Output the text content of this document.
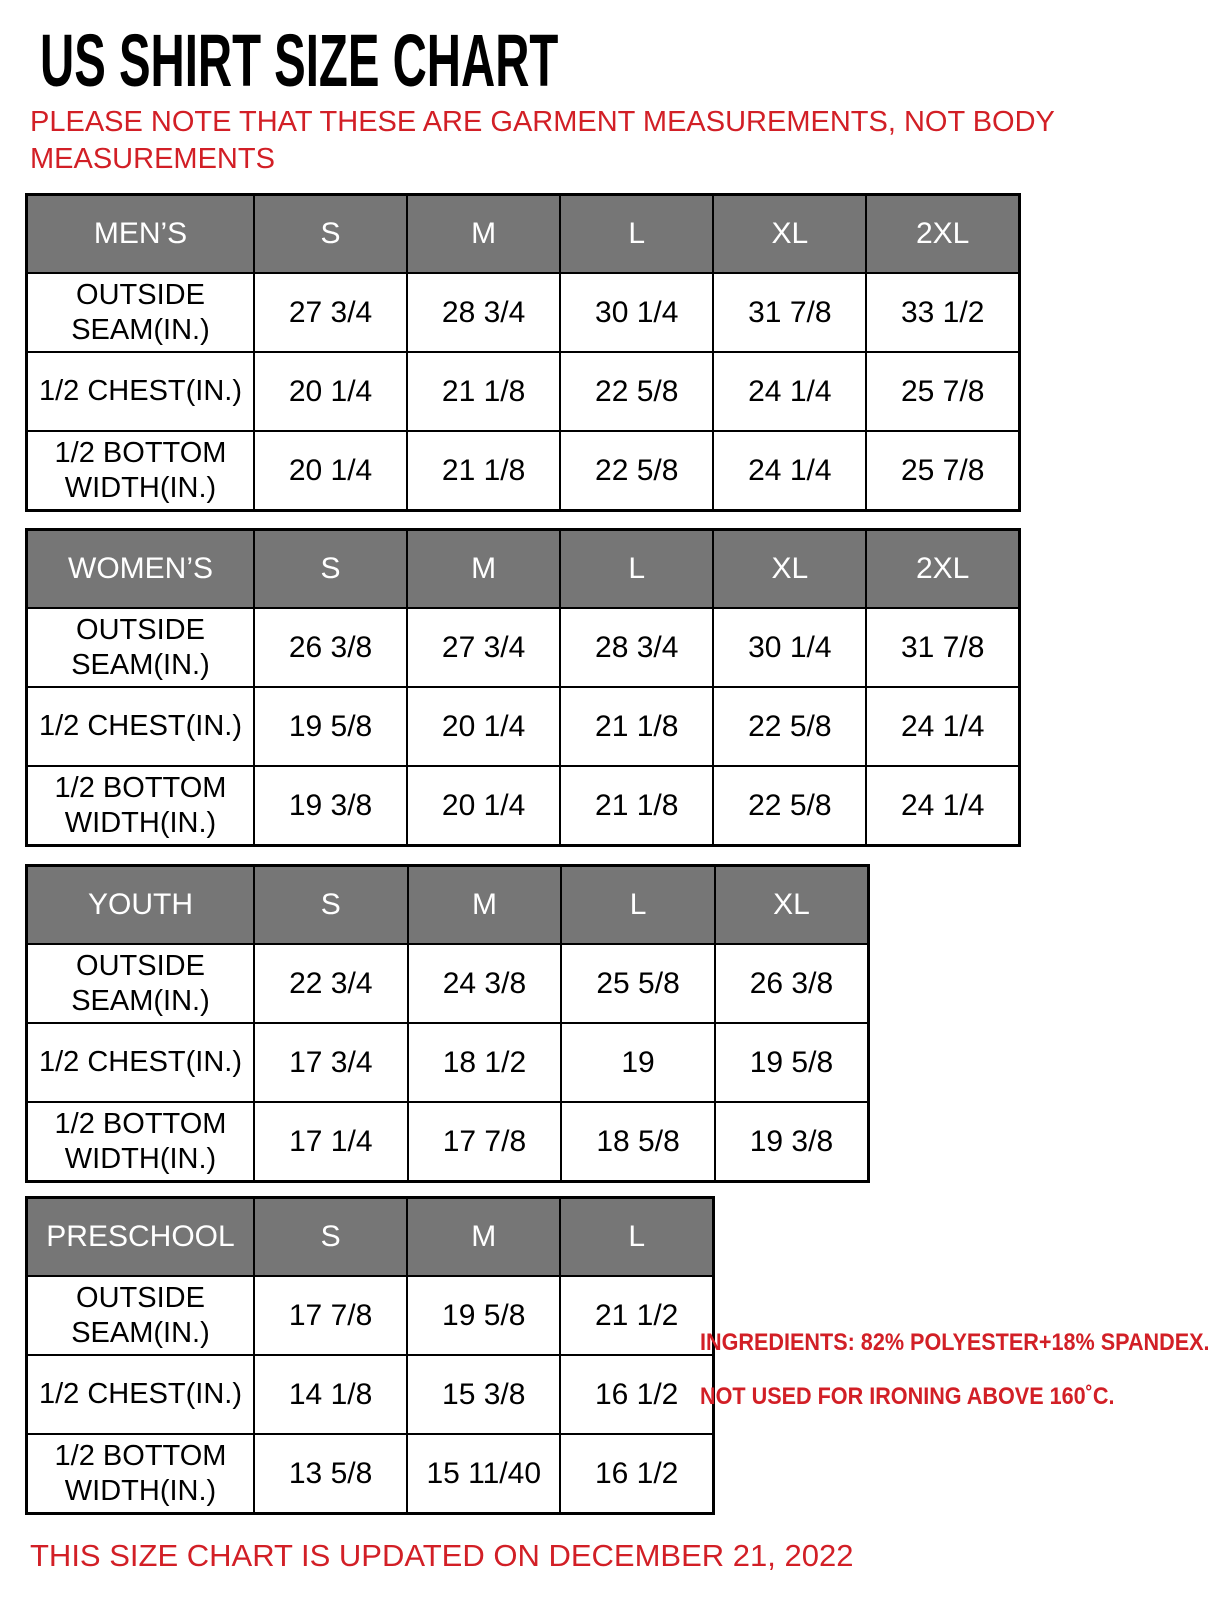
US SHIRT SIZE CHART

PLEASE NOTE THAT THESE ARE GARMENT MEASUREMENTS, NOT BODY MEASUREMENTS

MEN’S	S	M	L	XL	2XL
OUTSIDE SEAM(IN.)	27 3/4	28 3/4	30 1/4	31 7/8	33 1/2
1/2 CHEST(IN.)	20 1/4	21 1/8	22 5/8	24 1/4	25 7/8
1/2 BOTTOM WIDTH(IN.)	20 1/4	21 1/8	22 5/8	24 1/4	25 7/8
WOMEN’S	S	M	L	XL	2XL
OUTSIDE SEAM(IN.)	26 3/8	27 3/4	28 3/4	30 1/4	31 7/8
1/2 CHEST(IN.)	19 5/8	20 1/4	21 1/8	22 5/8	24 1/4
1/2 BOTTOM WIDTH(IN.)	19 3/8	20 1/4	21 1/8	22 5/8	24 1/4
YOUTH	S	M	L	XL
OUTSIDE SEAM(IN.)	22 3/4	24 3/8	25 5/8	26 3/8
1/2 CHEST(IN.)	17 3/4	18 1/2	19	19 5/8
1/2 BOTTOM WIDTH(IN.)	17 1/4	17 7/8	18 5/8	19 3/8
PRESCHOOL	S	M	L
OUTSIDE SEAM(IN.)	17 7/8	19 5/8	21 1/2
1/2 CHEST(IN.)	14 1/8	15 3/8	16 1/2
1/2 BOTTOM WIDTH(IN.)	13 5/8	15 11/40	16 1/2
INGREDIENTS: 82% POLYESTER+18% SPANDEX.
NOT USED FOR IRONING ABOVE 160˚C.

THIS SIZE CHART IS UPDATED ON DECEMBER 21, 2022
